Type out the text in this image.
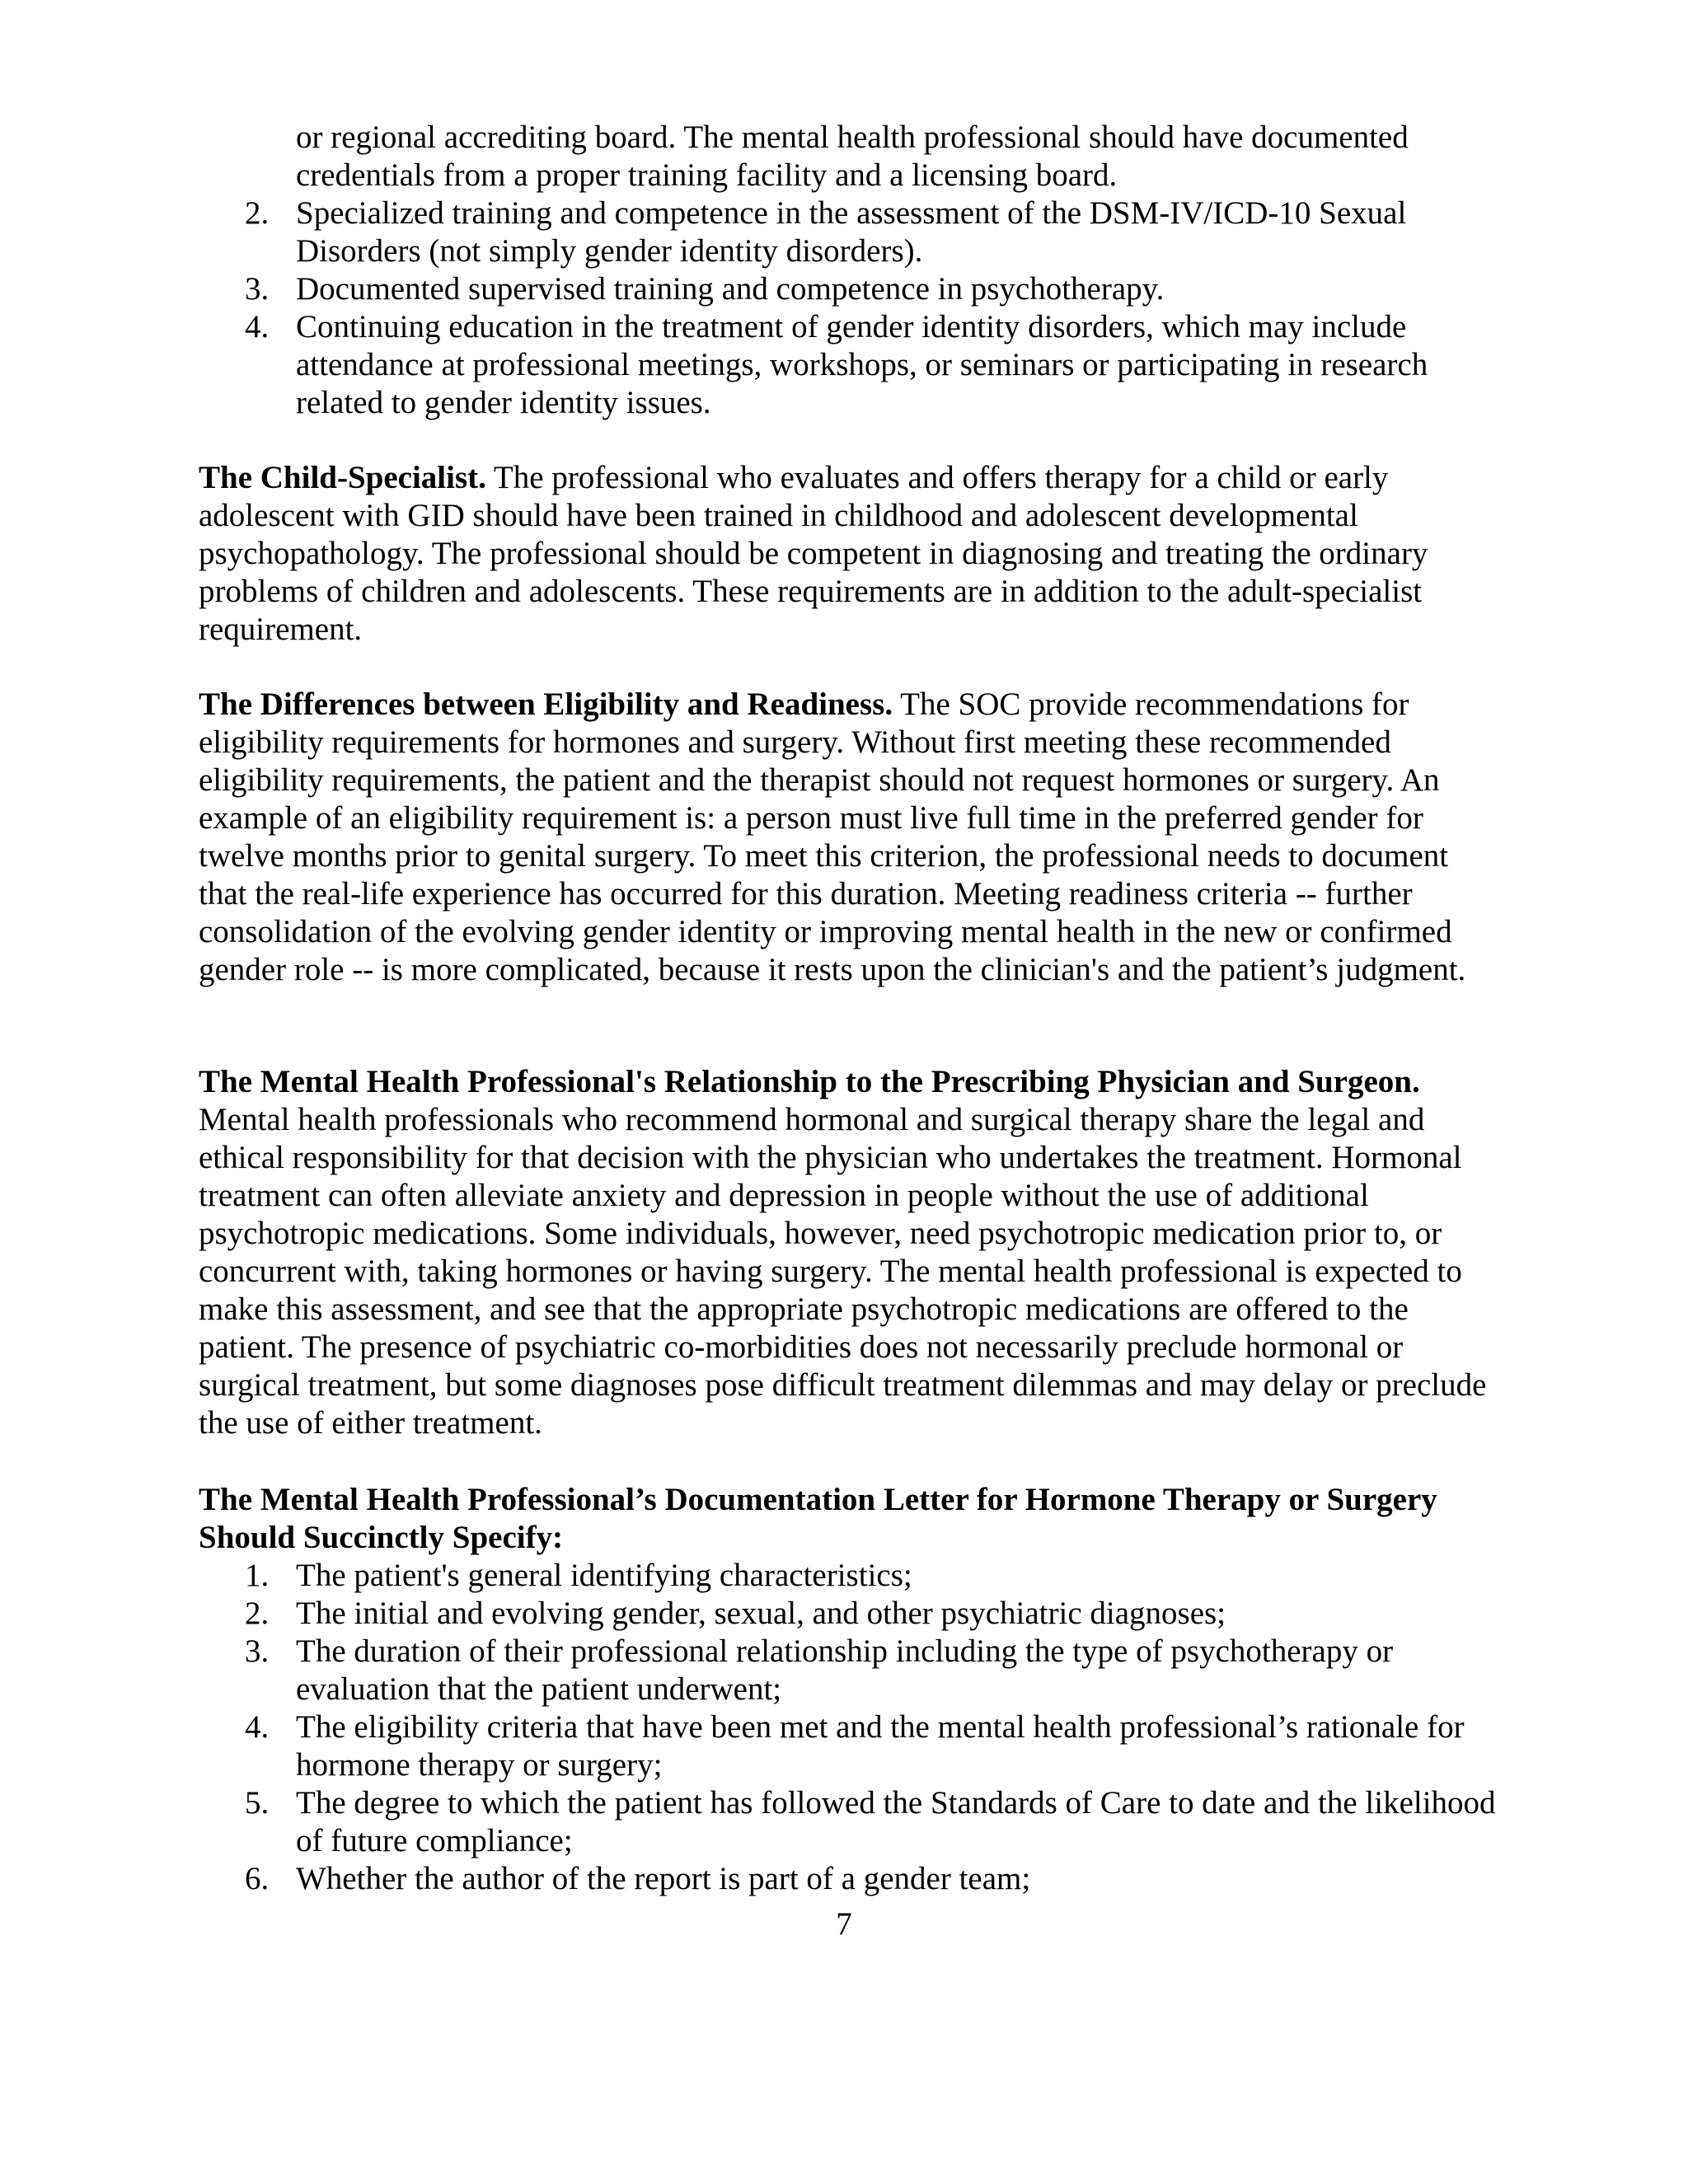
or regional accrediting board. The mental health professional should have documented
credentials from a proper training facility and a licensing board.
2. Specialized training and competence in the assessment of the DSM-IV/ICD-10 Sexual Disorders (not simply gender identity disorders).
3. Documented supervised training and competence in psychotherapy.
4. Continuing education in the treatment of gender identity disorders, which may include attendance at professional meetings, workshops, or seminars or participating in research related to gender identity issues.

The Child-Specialist. The professional who evaluates and offers therapy for a child or early adolescent with GID should have been trained in childhood and adolescent developmental psychopathology. The professional should be competent in diagnosing and treating the ordinary problems of children and adolescents. These requirements are in addition to the adult-specialist requirement.

The Differences between Eligibility and Readiness. The SOC provide recommendations for eligibility requirements for hormones and surgery. Without first meeting these recommended eligibility requirements, the patient and the therapist should not request hormones or surgery. An example of an eligibility requirement is: a person must live full time in the preferred gender for twelve months prior to genital surgery. To meet this criterion, the professional needs to document that the real-life experience has occurred for this duration. Meeting readiness criteria -- further consolidation of the evolving gender identity or improving mental health in the new or confirmed gender role -- is more complicated, because it rests upon the clinician's and the patient’s judgment.

The Mental Health Professional's Relationship to the Prescribing Physician and Surgeon.

Mental health professionals who recommend hormonal and surgical therapy share the legal and ethical responsibility for that decision with the physician who undertakes the treatment. Hormonal treatment can often alleviate anxiety and depression in people without the use of additional psychotropic medications. Some individuals, however, need psychotropic medication prior to, or concurrent with, taking hormones or having surgery. The mental health professional is expected to make this assessment, and see that the appropriate psychotropic medications are offered to the patient. The presence of psychiatric co-morbidities does not necessarily preclude hormonal or surgical treatment, but some diagnoses pose difficult treatment dilemmas and may delay or preclude the use of either treatment.

The Mental Health Professional’s Documentation Letter for Hormone Therapy or Surgery

Should Succinctly Specify:

1. The patient's general identifying characteristics;
2. The initial and evolving gender, sexual, and other psychiatric diagnoses;
3. The duration of their professional relationship including the type of psychotherapy or evaluation that the patient underwent;
4. The eligibility criteria that have been met and the mental health professional’s rationale for hormone therapy or surgery;
5. The degree to which the patient has followed the Standards of Care to date and the likelihood of future compliance;
6. Whether the author of the report is part of a gender team;
7
